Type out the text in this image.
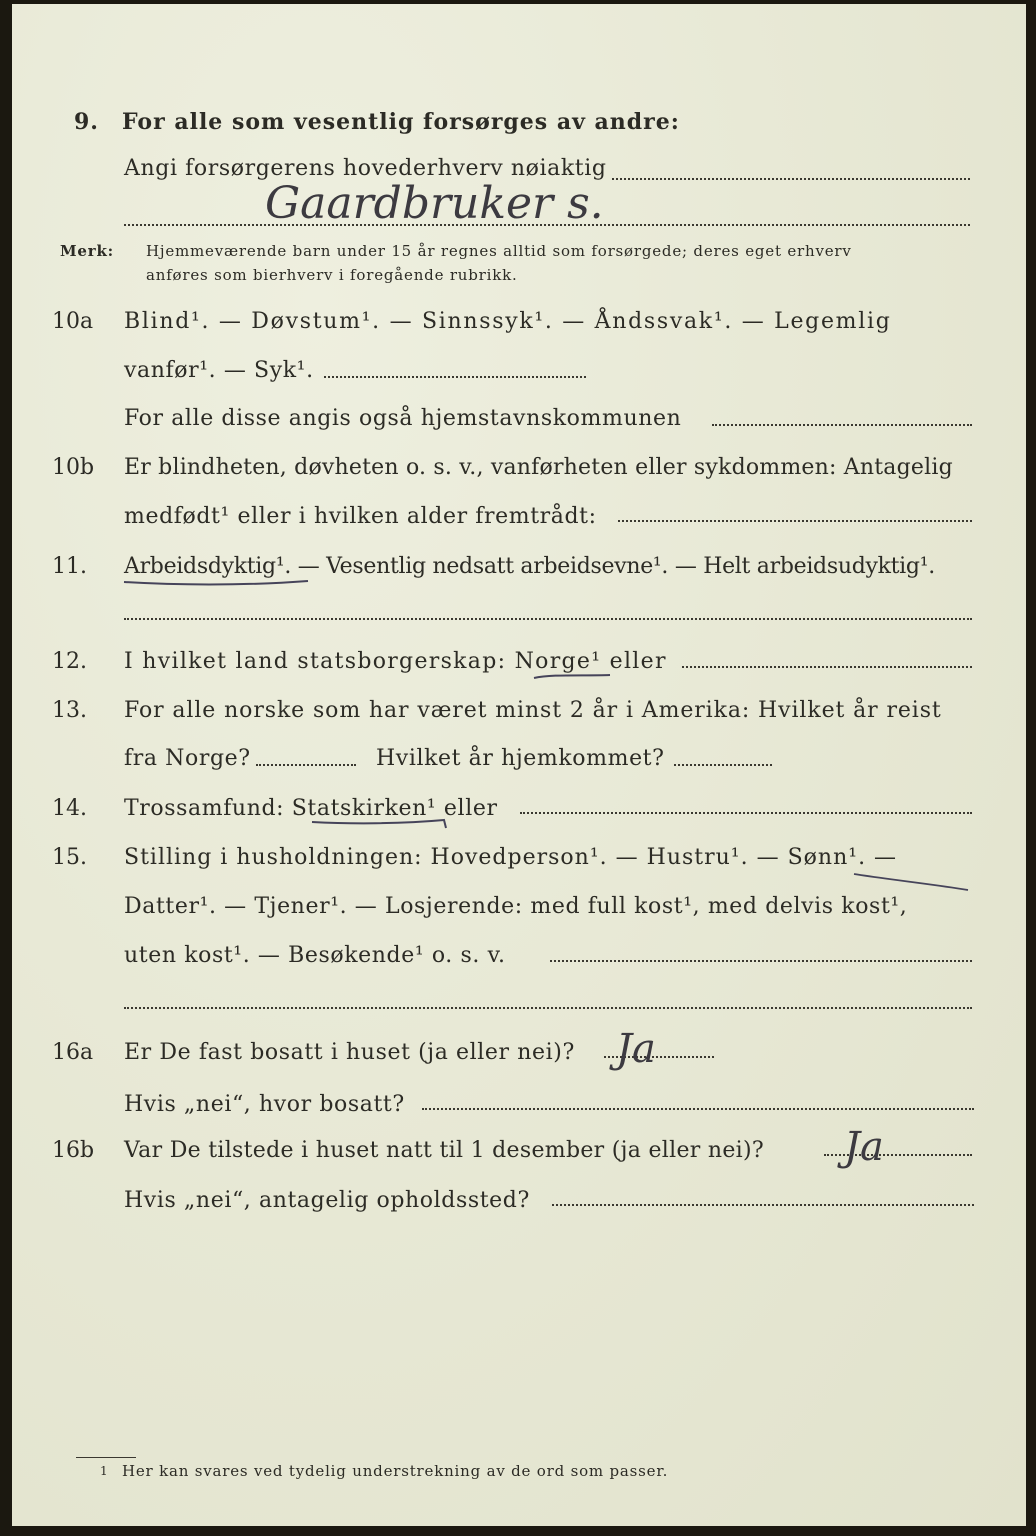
9. For alle som vesentlig forsørges av andre:
Angi forsørgerens hovederhverv nøiaktig
Gaardbruker s.
Merk: Hjemmeværende barn under 15 år regnes alltid som forsørgede; deres eget erhverv
anføres som bierhverv i foregående rubrikk.
10a Blind¹. — Døvstum¹. — Sinnssyk¹. — Åndssvak¹. — Legemlig
vanfør¹. — Syk¹.
For alle disse angis også hjemstavnskommunen
10b Er blindheten, døvheten o. s. v., vanførheten eller sykdommen: Antagelig
medfødt¹ eller i hvilken alder fremtrådt:
11. Arbeidsdyktig¹. — Vesentlig nedsatt arbeidsevne¹. — Helt arbeidsudyktig¹.
12. I hvilket land statsborgerskap: Norge¹ eller
13. For alle norske som har været minst 2 år i Amerika: Hvilket år reist
fra Norge?	Hvilket år hjemkommet?
14. Trossamfund: Statskirken¹ eller
15. Stilling i husholdningen: Hovedperson¹. — Hustru¹. — Sønn¹. —
Datter¹. — Tjener¹. — Losjerende: med full kost¹, med delvis kost¹,
uten kost¹. — Besøkende¹ o. s. v.
16a Er De fast bosatt i huset (ja eller nei)? Ja
Hvis „nei“, hvor bosatt?
16b Var De tilstede i huset natt til 1 desember (ja eller nei)? Ja
Hvis „nei“, antagelig opholdssted?
1 Her kan svares ved tydelig understrekning av de ord som passer.
